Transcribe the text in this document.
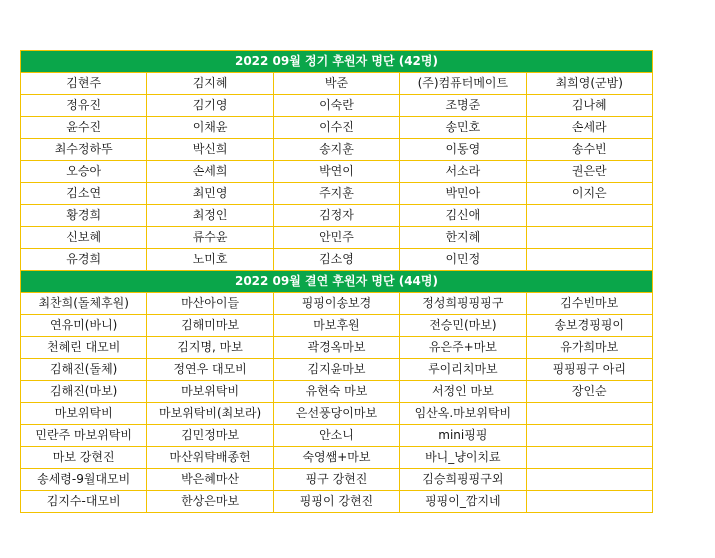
2022 09월 정기 후원자 명단 (42명)				
김현주	김지혜	박준	(주)컴퓨터메이트	최희영(군밤)
정유진	김기영	이숙란	조명준	김나혜
윤수진	이채윤	이수진	송민호	손세라
최수정하뚜	박신희	송지훈	이동영	송수빈
오승아	손세희	박연이	서소라	권은란
김소연	최민영	주지훈	박민아	이지은
황경희	최정인	김정자	김신애	
신보혜	류수윤	안민주	한지혜	
유경희	노미호	김소영	이민정	
2022 09월 결연 후원자 명단 (44명)				
최찬희(돌체후원)	마산아이들	핑핑이송보경	정성희핑핑핑구	김수빈마보
연유미(바니)	김해미마보	마보후원	전승민(마보)	송보경핑핑이
천혜린 대모비	김지명, 마보	곽경옥마보	유은주+마보	유가희마보
김해진(돌체)	정연우 대모비	김지윤마보	루이리치마보	핑핑핑구 아리
김해진(마보)	마보위탁비	유현숙 마보	서정인 마보	장인순
마보위탁비	마보위탁비(최보라)	은선풍당이마보	임산옥.마보위탁비	
민란주 마보위탁비	김민정마보	안소니	mini핑핑	
마보 강현진	마산위탁배종헌	숙영쌤+마보	바니_냥이치료	
송세령-9월대모비	박은혜마산	핑구 강현진	김승희핑핑구외	
김지수-대모비	한상은마보	핑핑이 강현진	핑핑이_깜지네	
